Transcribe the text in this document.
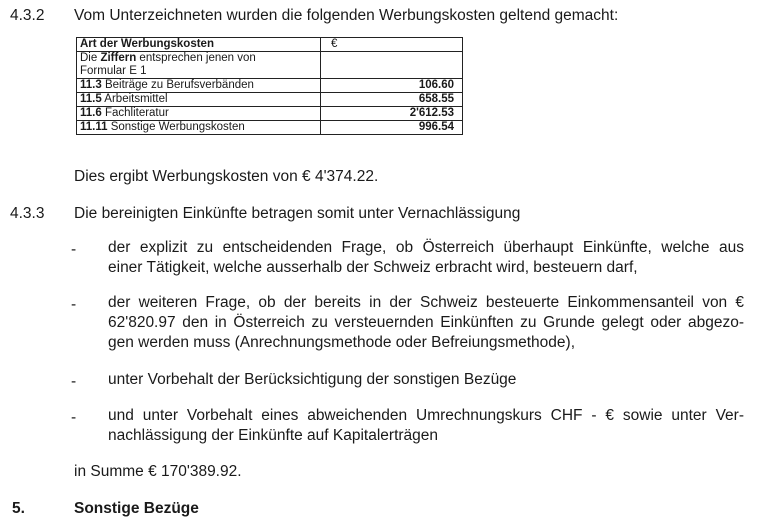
4.3.2 Vom Unterzeichneten wurden die folgenden Werbungskosten geltend gemacht:
Art der Werbungskosten	€
Die Ziffern entsprechen jenen von
Formular E 1	
11.3 Beiträge zu Berufsverbänden	106.60
11.5 Arbeitsmittel	658.55
11.6 Fachliteratur	2'612.53
11.11 Sonstige Werbungskosten	996.54
Dies ergibt Werbungskosten von € 4'374.22.
4.3.3 Die bereinigten Einkünfte betragen somit unter Vernachlässigung
- der explizit zu entscheidenden Frage, ob Österreich überhaupt Einkünfte, welche aus
einer Tätigkeit, welche ausserhalb der Schweiz erbracht wird, besteuern darf,
- der weiteren Frage, ob der bereits in der Schweiz besteuerte Einkommensanteil von €
62'820.97 den in Österreich zu versteuernden Einkünften zu Grunde gelegt oder abgezo-
gen werden muss (Anrechnungsmethode oder Befreiungsmethode),
- unter Vorbehalt der Berücksichtigung der sonstigen Bezüge
- und unter Vorbehalt eines abweichenden Umrechnungskurs CHF - € sowie unter Ver-
nachlässigung der Einkünfte auf Kapitalerträgen
in Summe € 170'389.92.
5.	Sonstige Bezüge
